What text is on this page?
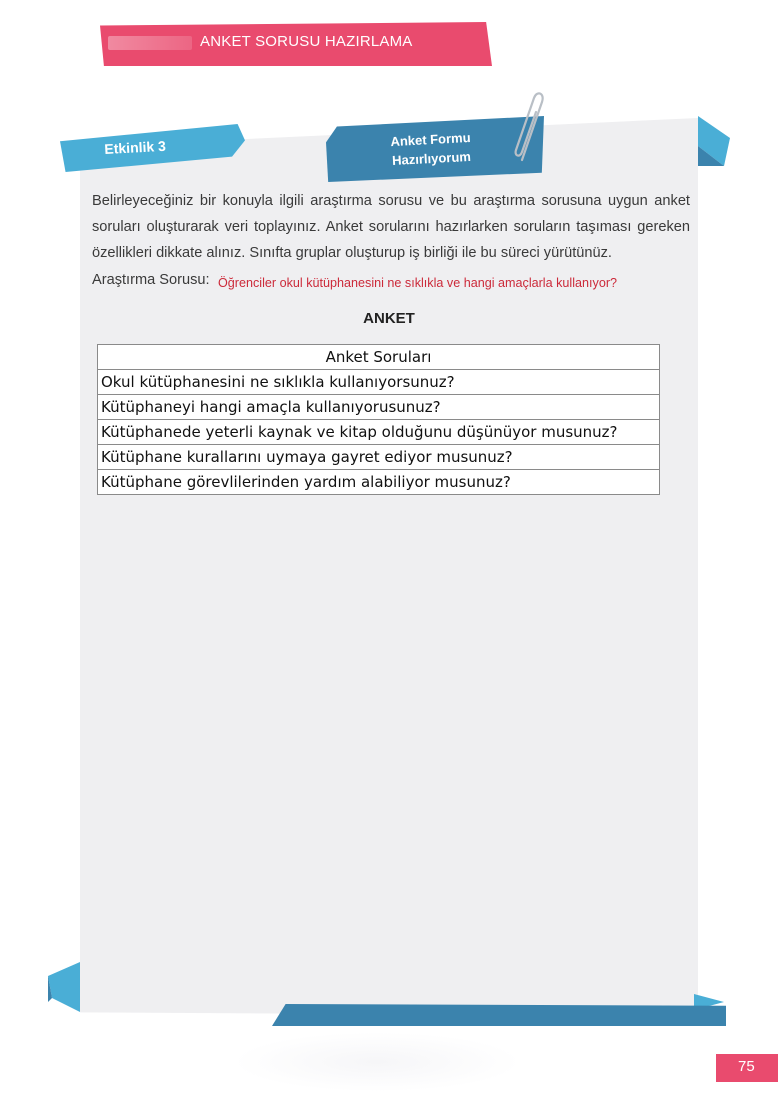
ANKET SORUSU HAZIRLAMA
Etkinlik 3	Anket Formu
Hazırlıyorum
Belirleyeceğiniz bir konuyla ilgili araştırma sorusu ve bu araştırma sorusuna uygun anket soruları oluşturarak veri toplayınız. Anket sorularını hazırlarken soruların taşıması gereken özellikleri dikkate alınız. Sınıfta gruplar oluşturup iş birliği ile bu süreci yürütünüz.
Araştırma Sorusu: Öğrenciler okul kütüphanesini ne sıklıkla ve hangi amaçlarla kullanıyor?
ANKET
Anket Soruları
Okul kütüphanesini ne sıklıkla kullanıyorsunuz?
Kütüphaneyi hangi amaçla kullanıyorusunuz?
Kütüphanede yeterli kaynak ve kitap olduğunu düşünüyor musunuz?
Kütüphane kurallarını uymaya gayret ediyor musunuz?
Kütüphane görevlilerinden yardım alabiliyor musunuz?
75
